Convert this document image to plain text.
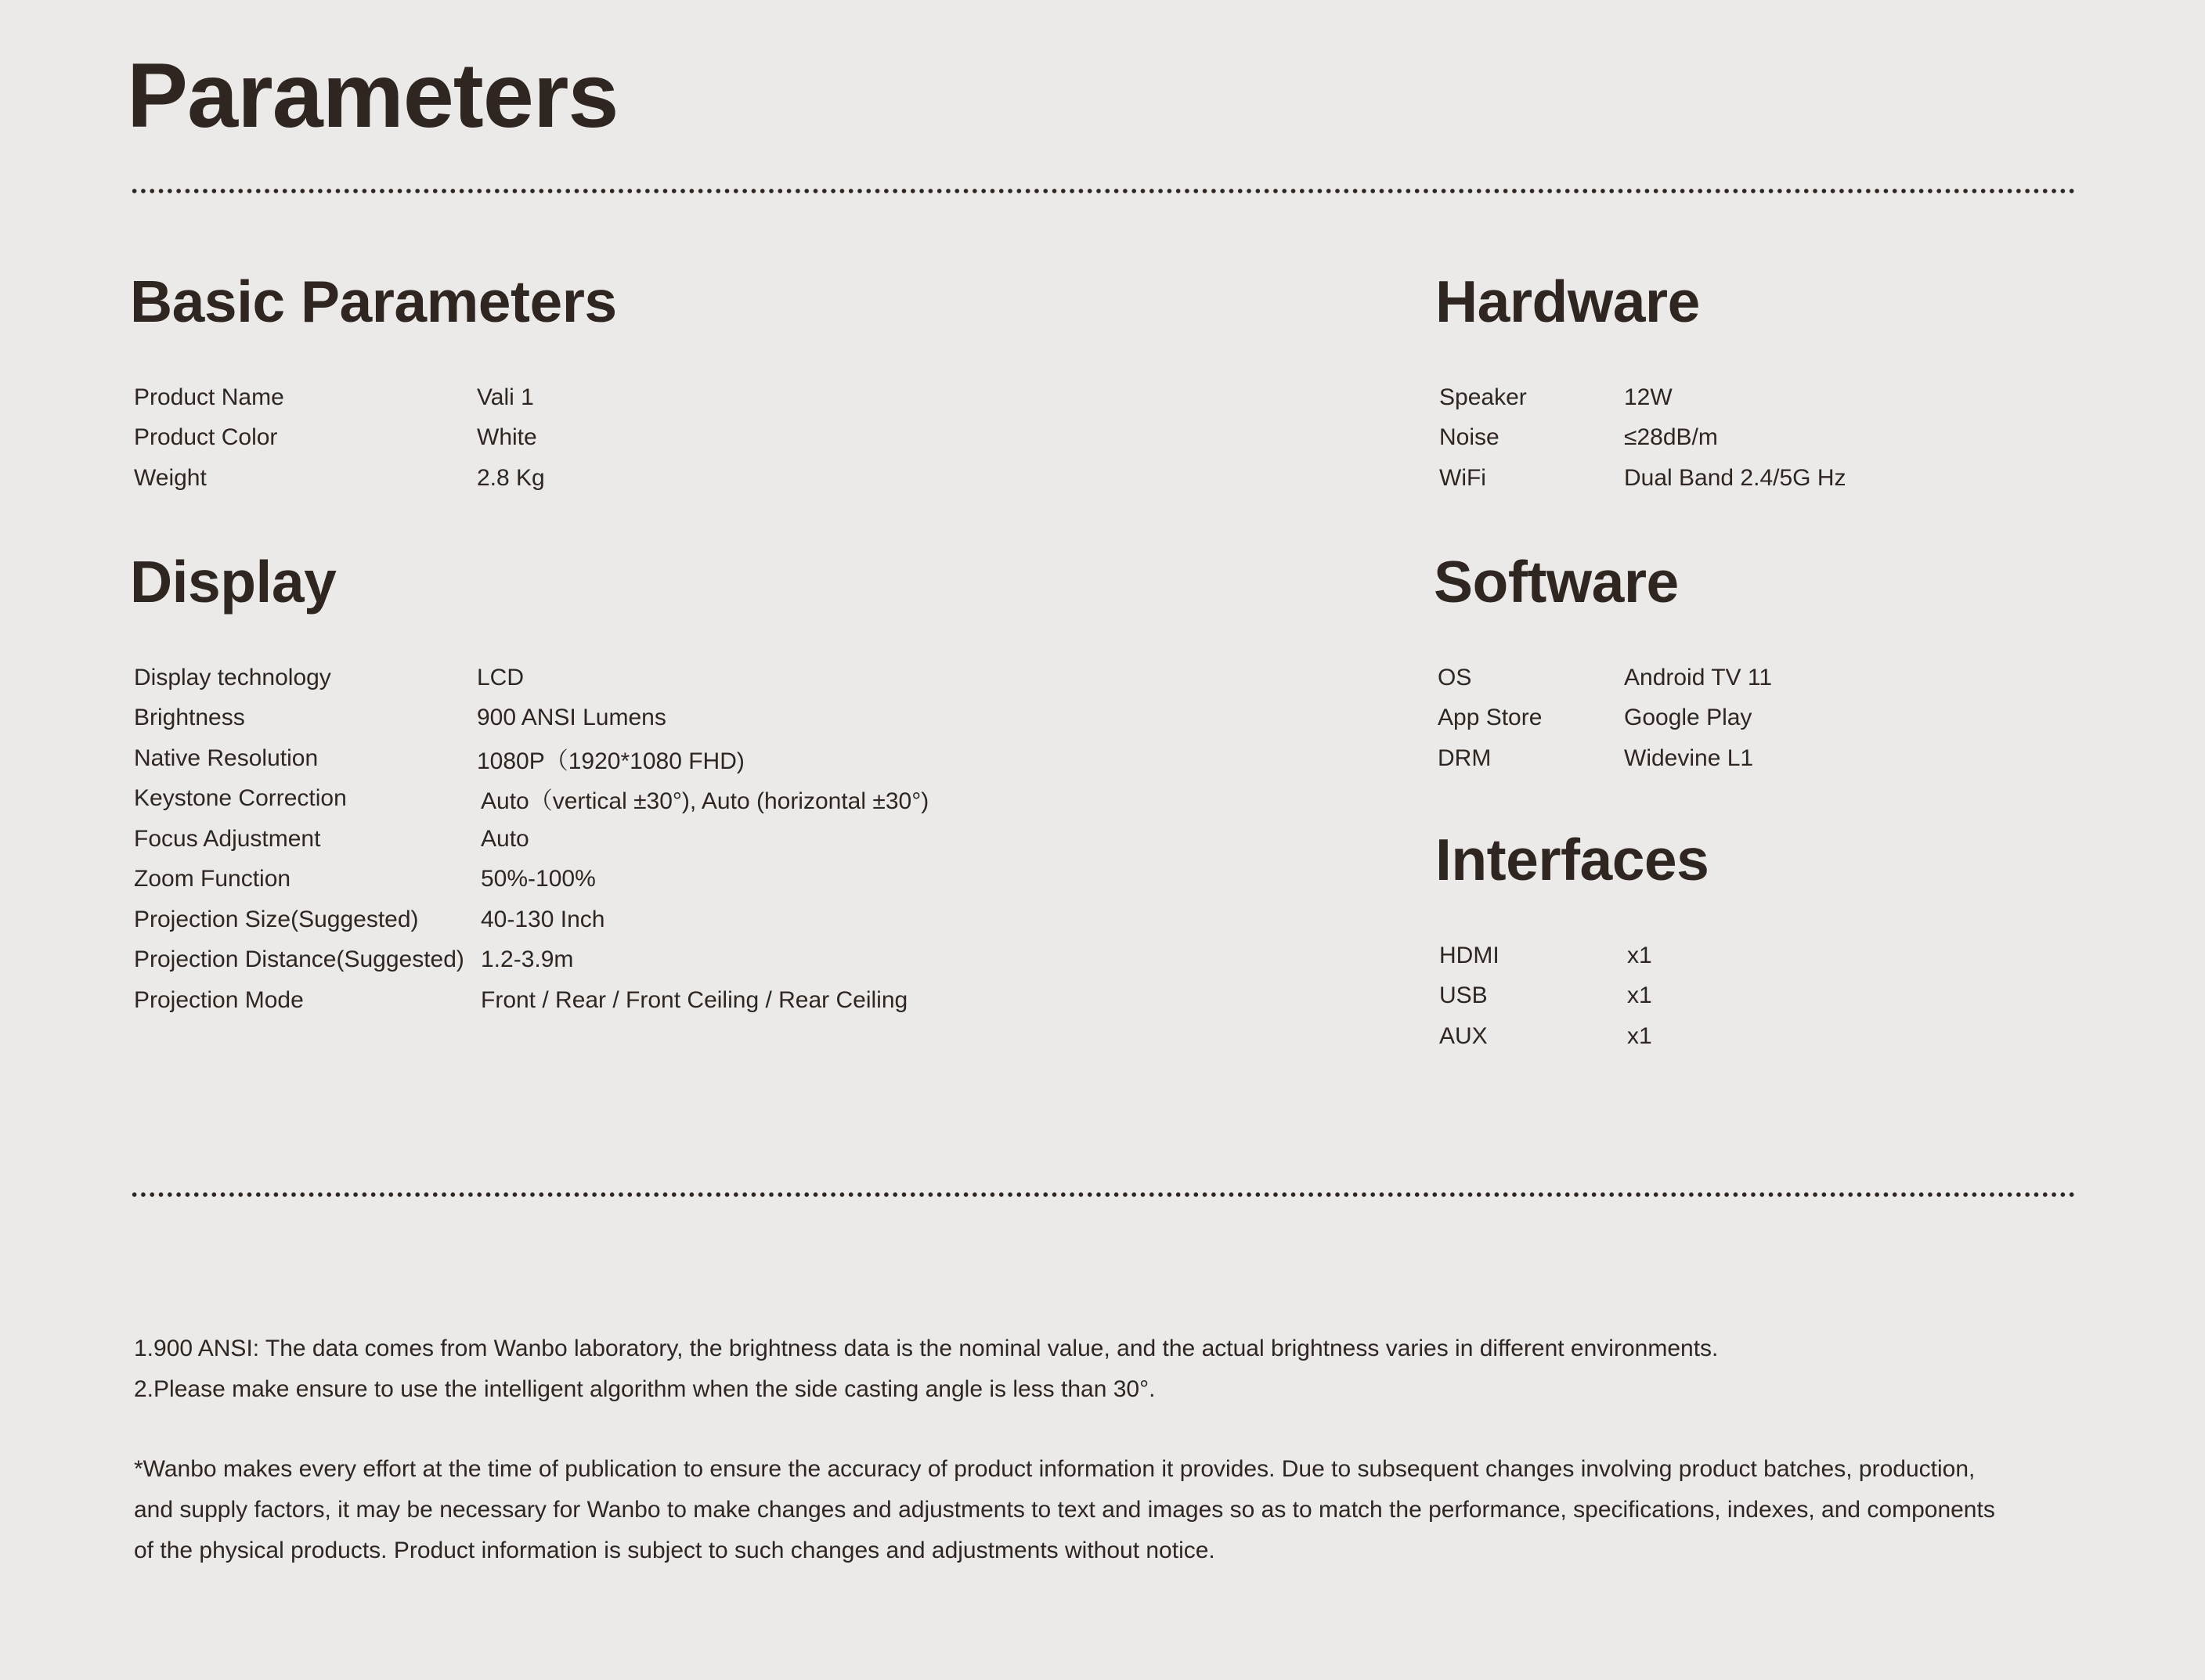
Parameters
Basic Parameters
Product Name	Vali 1
Product Color	White
Weight	2.8 Kg
Display
Display technology	LCD
Brightness	900 ANSI Lumens
Native Resolution	1080P（1920*1080 FHD)
Keystone Correction	Auto（vertical ±30°), Auto (horizontal ±30°)
Focus Adjustment	Auto
Zoom Function	50%-100%
Projection Size(Suggested)	40-130 Inch
Projection Distance(Suggested) 1.2-3.9m
Projection Mode	Front / Rear / Front Ceiling / Rear Ceiling
Hardware
Speaker	12W
Noise	≤28dB/m
WiFi	Dual Band 2.4/5G Hz
Software
OS	Android TV 11
App Store	Google Play
DRM	Widevine L1
Interfaces
HDMI	x1
USB	x1
AUX	x1
1.900 ANSI: The data comes from Wanbo laboratory, the brightness data is the nominal value, and the actual brightness varies in different environments.
2.Please make ensure to use the intelligent algorithm when the side casting angle is less than 30°.
*Wanbo makes every effort at the time of publication to ensure the accuracy of product information it provides. Due to subsequent changes involving product batches, production,
and supply factors, it may be necessary for Wanbo to make changes and adjustments to text and images so as to match the performance, specifications, indexes, and components
of the physical products. Product information is subject to such changes and adjustments without notice.
